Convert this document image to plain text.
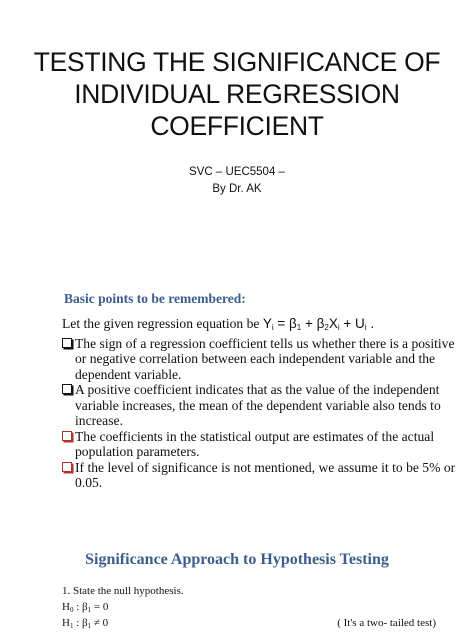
TESTING THE SIGNIFICANCE OF
INDIVIDUAL REGRESSION
COEFFICIENT
SVC – UEC5504 –
By Dr. AK
Basic points to be remembered:
Let the given regression equation be $Y_i = \beta_1 + \beta_2X_i + U_i$ .
The sign of a regression coefficient tells us whether there is a positive
or negative correlation between each independent variable and the
dependent variable.
A positive coefficient indicates that as the value of the independent
variable increases, the mean of the dependent variable also tends to
increase.
The coefficients in the statistical output are estimates of the actual
population parameters.
If the level of significance is not mentioned, we assume it to be 5% or
0.05.
Significance Approach to Hypothesis Testing
1. State the null hypothesis.
$H_0$ : $\beta_1 = 0$
$H_1$ : $\beta_1 \ne 0$	( It's a two- tailed test)
